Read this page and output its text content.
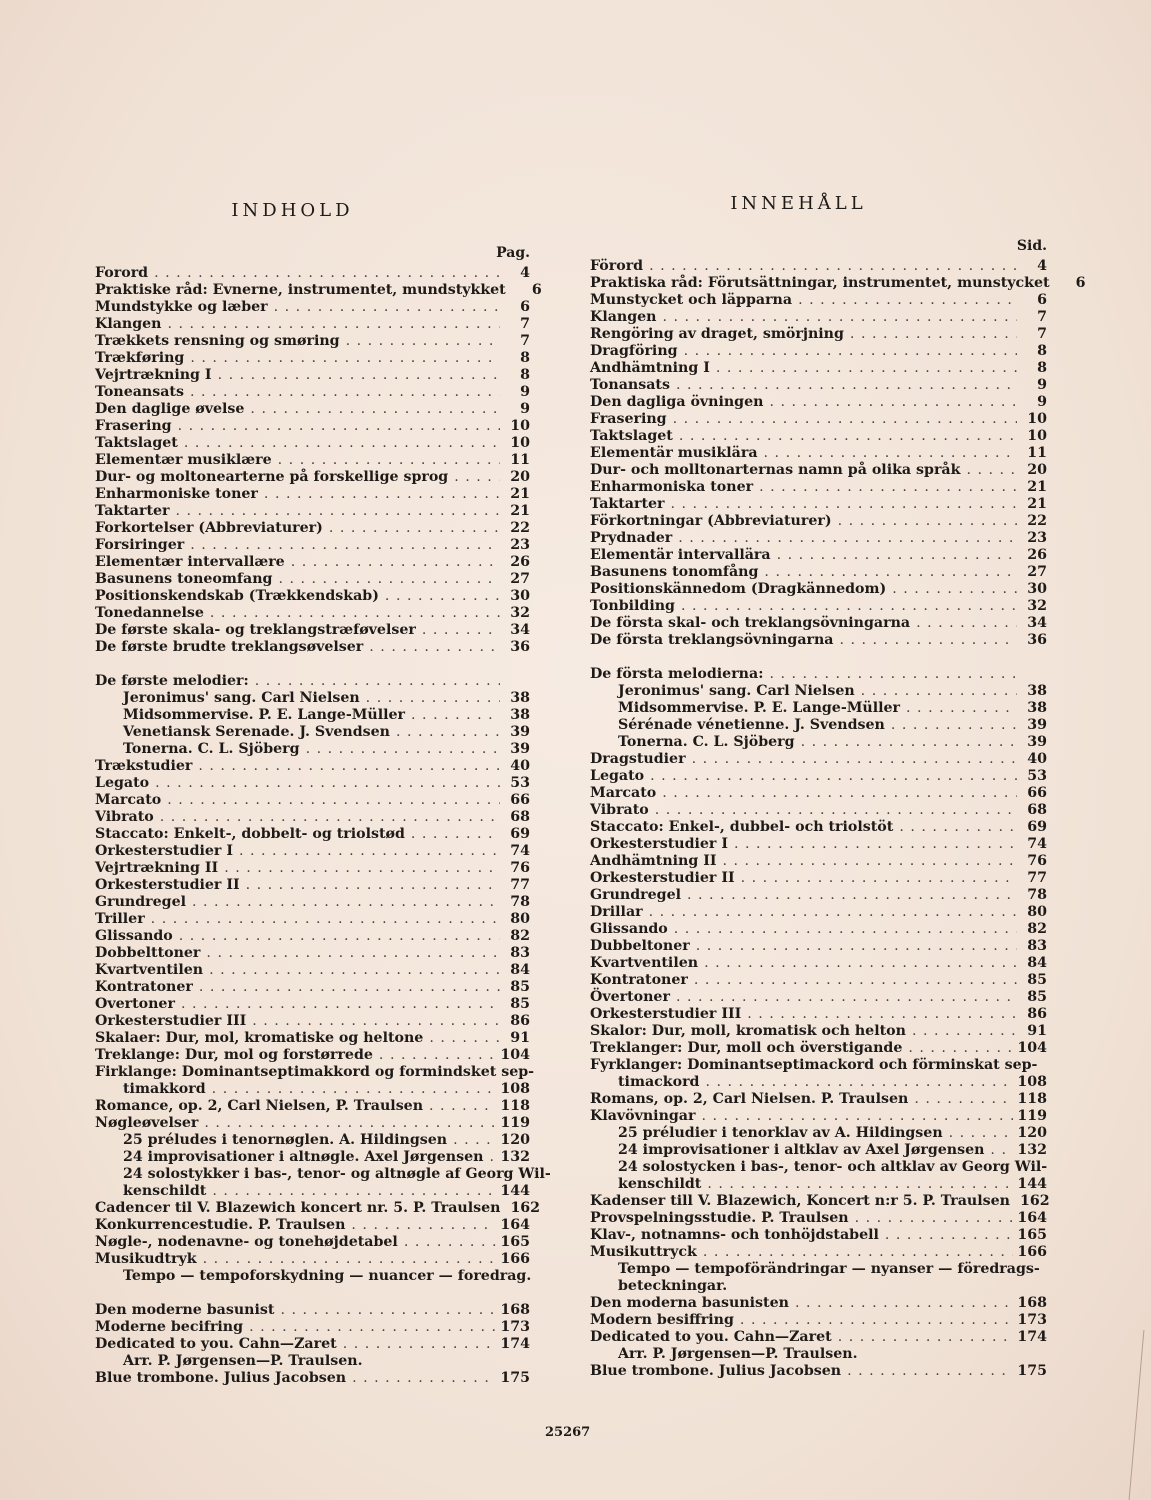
INDHOLD
Pag.
Forord . . .	4
Praktiske råd: Evnerne, instrumentet, mundstykket	6
Mundstykke og læber . . .	6
Klangen . . .	7
Trækkets rensning og smøring . . .	7
Trækføring . . .	8
Vejrtrækning I . . .	8
Toneansats . . .	9
Den daglige øvelse . . .	9
Frasering . . .	10
Taktslaget . . .	10
Elementær musiklære . . .	11
Dur- og moltonearterne på forskellige sprog . . .	20
Enharmoniske toner . . .	21
Taktarter . . .	21
Forkortelser (Abbreviaturer) . . .	22
Forsiringer . . .	23
Elementær intervallære . . .	26
Basunens toneomfang . . .	27
Positionskendskab (Trækkendskab) . . .	30
Tonedannelse . . .	32
De første skala- og treklangstræføvelser . . .	34
De første brudte treklangsøvelser . . .	36
De første melodier:
. . .
Jeronimus' sang. Carl Nielsen . . .	38
Midsommervise. P. E. Lange-Müller . . .	38
Venetiansk Serenade. J. Svendsen . . .	39
Tonerna. C. L. Sjöberg . . .	39
Trækstudier . . .	40
Legato . . .	53
Marcato . . .	66
Vibrato . . .	68
Staccato: Enkelt-, dobbelt- og triolstød . . .	69
Orkesterstudier I . . .	74
Vejrtrækning II . . .	76
Orkesterstudier II . . .	77
Grundregel . . .	78
Triller . . .	80
Glissando . . .	82
Dobbelttoner . . .	83
Kvartventilen . . .	84
Kontratoner . . .	85
Overtoner . . .	85
Orkesterstudier III . . .	86
Skalaer: Dur, mol, kromatiske og heltone . . .	91
Treklange: Dur, mol og forstørrede . . .	104
Firklange: Dominantseptimakkord og formindsket sep-
timakkord . . .	108
Romance, op. 2, Carl Nielsen, P. Traulsen . . .	118
Nøgleøvelser . . .	119
25 préludes i tenornøglen. A. Hildingsen . . .	120
24 improvisationer i altnøgle. Axel Jørgensen . . . 132
24 solostykker i bas-, tenor- og altnøgle af Georg Wil-
kenschildt . . .	144
Cadencer til V. Blazewich koncert nr. 5. P. Traulsen 162
Konkurrencestudie. P. Traulsen . . .	164
Nøgle-, nodenavne- og tonehøjdetabel . . .	165
Musikudtryk . . .	166
Tempo — tempoforskydning — nuancer — foredrag.
Den moderne basunist . . .	168
Moderne becifring . . .	173
Dedicated to you. Cahn—Zaret . . .	174
Arr. P. Jørgensen—P. Traulsen.
Blue trombone. Julius Jacobsen . . .	175
INNEHÅLL
Sid.
Förord . . .	4
Praktiska råd: Förutsättningar, instrumentet, munstycket	6
Munstycket och läpparna . . .	6
Klangen . . .	7
Rengöring av draget, smörjning . . .	7
Dragföring . . .	8
Andhämtning I . . .	8
Tonansats . . .	9
Den dagliga övningen . . .	9
Frasering . . .	10
Taktslaget . . .	10
Elementär musiklära . . .	11
Dur- och molltonarternas namn på olika språk . . .	20
Enharmoniska toner . . .	21
Taktarter . . .	21
Förkortningar (Abbreviaturer) . . .	22
Prydnader . . .	23
Elementär intervallära . . .	26
Basunens tonomfång . . .	27
Positionskännedom (Dragkännedom) . . .	30
Tonbilding . . .	32
De första skal- och treklangsövningarna . . .	34
De första treklangsövningarna . . .	36
De första melodierna:
. . .
Jeronimus' sang. Carl Nielsen . . .	38
Midsommervise. P. E. Lange-Müller . . .	38
Sérénade vénetienne. J. Svendsen . . .	39
Tonerna. C. L. Sjöberg . . .	39
Dragstudier . . .	40
Legato . . .	53
Marcato . . .	66
Vibrato . . .	68
Staccato: Enkel-, dubbel- och triolstöt . . .	69
Orkesterstudier I . . .	74
Andhämtning II . . .	76
Orkesterstudier II . . .	77
Grundregel . . .	78
Drillar . . .	80
Glissando . . .	82
Dubbeltoner . . .	83
Kvartventilen . . .	84
Kontratoner . . .	85
Övertoner . . .	85
Orkesterstudier III . . .	86
Skalor: Dur, moll, kromatisk och helton . . .	91
Treklanger: Dur, moll och överstigande . . .	104
Fyrklanger: Dominantseptimackord och förminskat sep-
timackord . . .	108
Romans, op. 2, Carl Nielsen. P. Traulsen . . .	118
Klavövningar . . .	119
25 préludier i tenorklav av A. Hildingsen . . .	120
24 improvisationer i altklav av Axel Jørgensen . . . 132
24 solostycken i bas-, tenor- och altklav av Georg Wil-
kenschildt . . .	144
Kadenser till V. Blazewich, Koncert n:r 5. P. Traulsen 162
Provspelningsstudie. P. Traulsen . . .	164
Klav-, notnamns- och tonhöjdstabell . . .	165
Musikuttryck . . .	166
Tempo — tempoförändringar — nyanser — föredrags-
beteckningar.
Den moderna basunisten . . .	168
Modern besiffring . . .	173
Dedicated to you. Cahn—Zaret . . .	174
Arr. P. Jørgensen—P. Traulsen.
Blue trombone. Julius Jacobsen . . .	175
25267
